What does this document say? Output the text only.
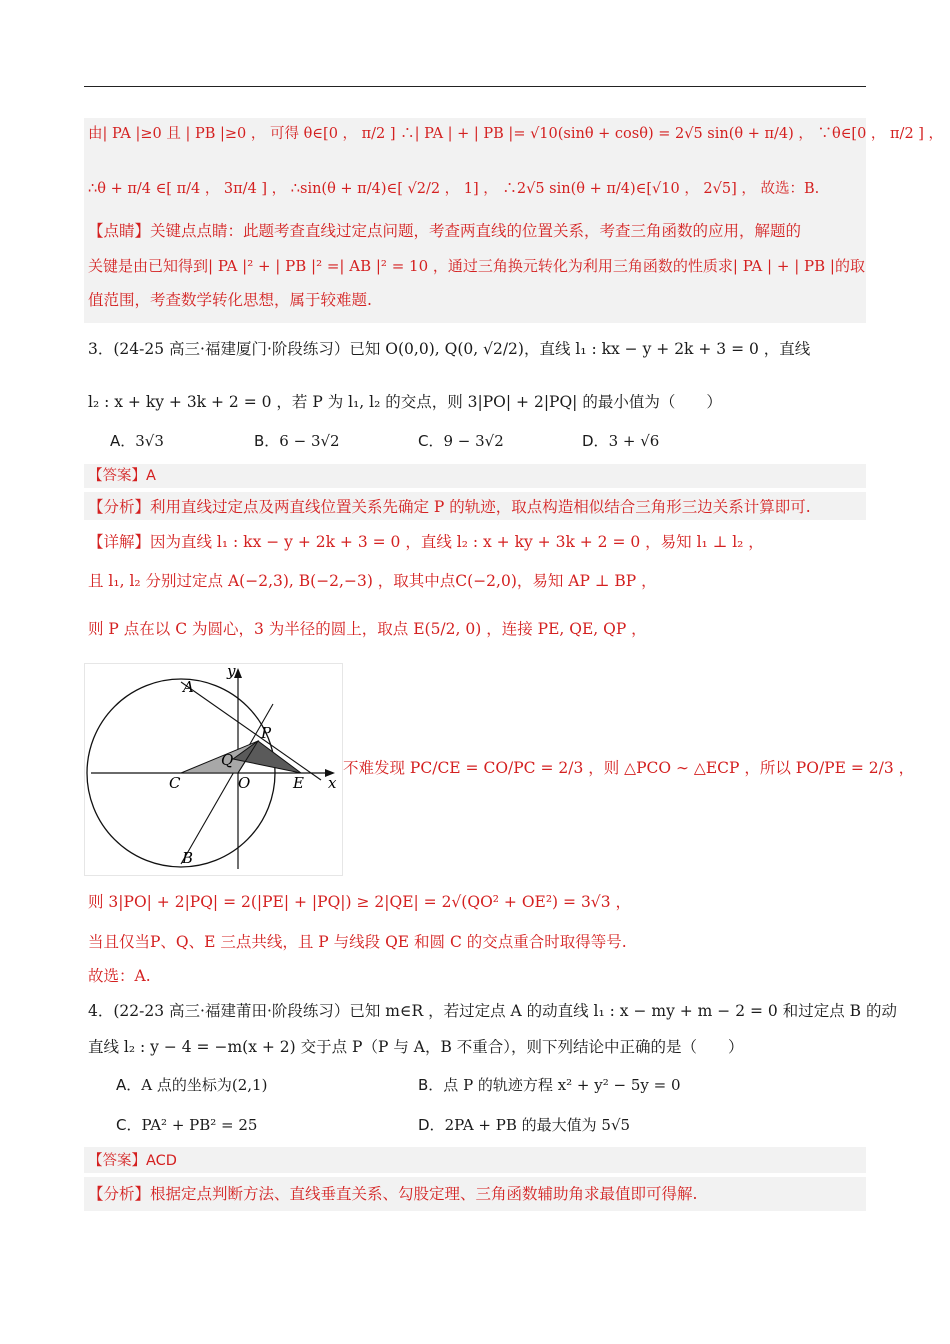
由| PA |≥0 且 | PB |≥0 ， 可得 θ∈[0 ， π/2 ] ∴| PA | + | PB |= √10(sinθ + cosθ) = 2√5 sin(θ + π/4) ， ∵θ∈[0 ， π/2 ] ，
∴θ + π/4 ∈[ π/4 ， 3π/4 ] ， ∴sin(θ + π/4)∈[ √2/2 ， 1] ， ∴2√5 sin(θ + π/4)∈[√10 ， 2√5] ， 故选：B.
【点睛】关键点点睛：此题考查直线过定点问题，考查两直线的位置关系，考查三角函数的应用，解题的
关键是由已知得到| PA |² + | PB |² =| AB |² = 10 ，通过三角换元转化为利用三角函数的性质求| PA | + | PB |的取
值范围，考查数学转化思想，属于较难题.
3．(24-25 高三·福建厦门·阶段练习）已知 O(0,0), Q(0, √2/2)，直线 l₁ : kx − y + 2k + 3 = 0 ，直线
l₂ : x + ky + 3k + 2 = 0 ，若 P 为 l₁, l₂ 的交点，则 3|PO| + 2|PQ| 的最小值为（　　）
A．3√3	B．6 − 3√2	C．9 − 3√2	D．3 + √6
【答案】A
【分析】利用直线过定点及两直线位置关系先确定 P 的轨迹，取点构造相似结合三角形三边关系计算即可.
【详解】因为直线 l₁ : kx − y + 2k + 3 = 0 ，直线 l₂ : x + ky + 3k + 2 = 0 ，易知 l₁ ⊥ l₂ ，
且 l₁, l₂ 分别过定点 A(−2,3), B(−2,−3) ，取其中点C(−2,0)，易知 AP ⊥ BP ，
则 P 点在以 C 为圆心，3 为半径的圆上，取点 E(5/2, 0) ，连接 PE, QE, QP ，
y
x
A
B
C	O	E
P
Q	不难发现 PC/CE = CO/PC = 2/3 ，则 △PCO ∼ △ECP ，所以 PO/PE = 2/3 ，
则 3|PO| + 2|PQ| = 2(|PE| + |PQ|) ≥ 2|QE| = 2√(QO² + OE²) = 3√3 ，
当且仅当P、Q、E 三点共线，且 P 与线段 QE 和圆 C 的交点重合时取得等号.
故选：A.
4．(22-23 高三·福建莆田·阶段练习）已知 m∈R ，若过定点 A 的动直线 l₁ : x − my + m − 2 = 0 和过定点 B 的动
直线 l₂ : y − 4 = −m(x + 2) 交于点 P（P 与 A，B 不重合），则下列结论中正确的是（　　）
A．A 点的坐标为(2,1)	B．点 P 的轨迹方程 x² + y² − 5y = 0
C．PA² + PB² = 25	D．2PA + PB 的最大值为 5√5
【答案】ACD
【分析】根据定点判断方法、直线垂直关系、勾股定理、三角函数辅助角求最值即可得解.
